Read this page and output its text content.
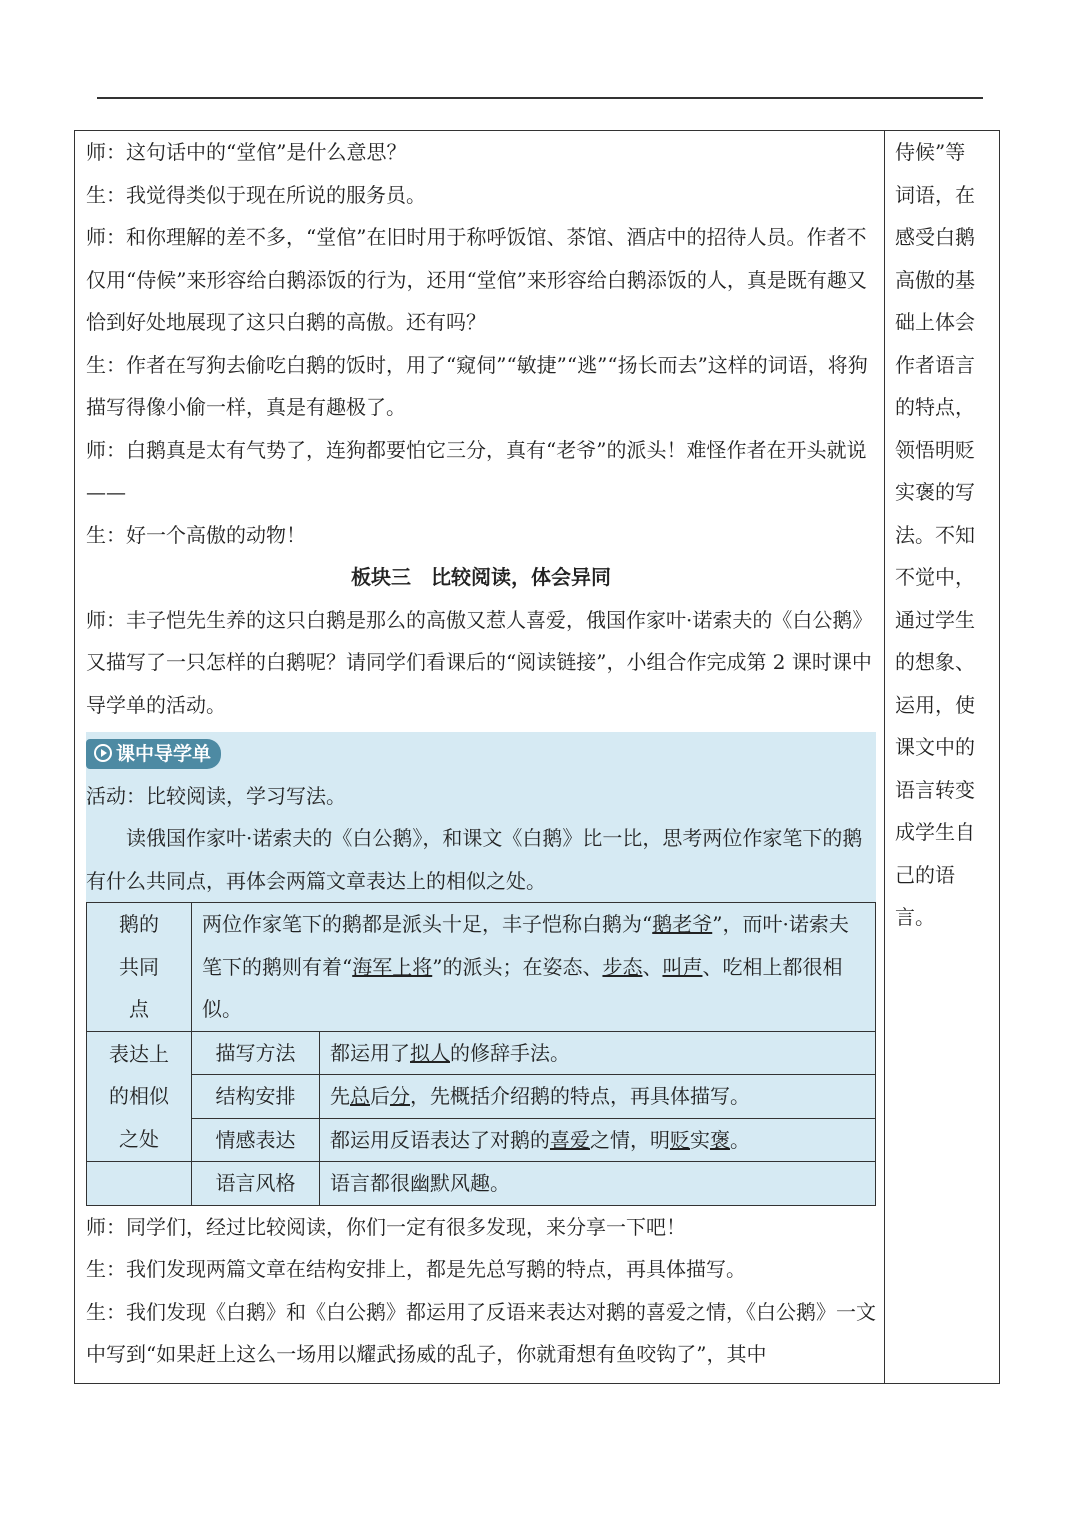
师：这句话中的“堂倌”是什么意思？

生：我觉得类似于现在所说的服务员。

师：和你理解的差不多，“堂倌”在旧时用于称呼饭馆、茶馆、酒店中的招待人员。作者不仅用“侍候”来形容给白鹅添饭的行为，还用“堂倌”来形容给白鹅添饭的人，真是既有趣又恰到好处地展现了这只白鹅的高傲。还有吗？

生：作者在写狗去偷吃白鹅的饭时，用了“窥伺”“敏捷”“逃”“扬长而去”这样的词语，将狗描写得像小偷一样，真是有趣极了。

师：白鹅真是太有气势了，连狗都要怕它三分，真有“老爷”的派头！难怪作者在开头就说——

生：好一个高傲的动物！

板块三　比较阅读，体会异同

师：丰子恺先生养的这只白鹅是那么的高傲又惹人喜爱，俄国作家叶·诺索夫的《白公鹅》又描写了一只怎样的白鹅呢？请同学们看课后的“阅读链接”，小组合作完成第 2 课时课中导学单的活动。

课中导学单

活动：比较阅读，学习写法。

读俄国作家叶·诺索夫的《白公鹅》，和课文《白鹅》比一比，思考两位作家笔下的鹅有什么共同点，再体会两篇文章表达上的相似之处。

鹅的共同点	两位作家笔下的鹅都是派头十足，丰子恺称白鹅为“鹅老爷”，而叶·诺索夫笔下的鹅则有着“海军上将”的派头；在姿态、步态、叫声、吃相上都很相似。	
表达上的相似之处	描写方法	都运用了拟人的修辞手法。
	结构安排	先总后分，先概括介绍鹅的特点，再具体描写。
	情感表达	都运用反语表达了对鹅的喜爱之情，明贬实褒。
	语言风格	语言都很幽默风趣。

师：同学们，经过比较阅读，你们一定有很多发现，来分享一下吧！

生：我们发现两篇文章在结构安排上，都是先总写鹅的特点，再具体描写。

生：我们发现《白鹅》和《白公鹅》都运用了反语来表达对鹅的喜爱之情，《白公鹅》一文中写到“如果赶上这么一场用以耀武扬威的乱子，你就甭想有鱼咬钩了”，其中

侍候”等
词语，在
感受白鹅
高傲的基
础上体会
作者语言
的特点，
领悟明贬
实褒的写
法。不知
不觉中，
通过学生
的想象、
运用，使
课文中的
语言转变
成学生自
己的语
言。
